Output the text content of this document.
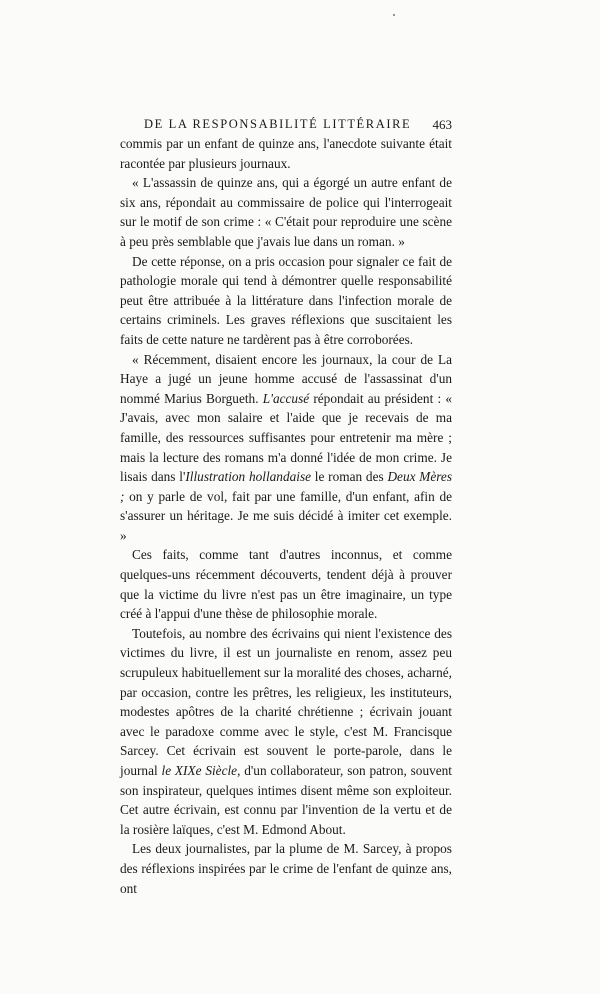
DE LA RESPONSABILITÉ LITTÉRAIRE 463

commis par un enfant de quinze ans, l'anecdote suivante était racontée par plusieurs journaux.

« L'assassin de quinze ans, qui a égorgé un autre enfant de six ans, répondait au commissaire de police qui l'interrogeait sur le motif de son crime : « C'était pour reproduire une scène à peu près semblable que j'avais lue dans un roman. »

De cette réponse, on a pris occasion pour signaler ce fait de pathologie morale qui tend à démontrer quelle responsabilité peut être attribuée à la littérature dans l'infection morale de certains criminels. Les graves réflexions que suscitaient les faits de cette nature ne tardèrent pas à être corroborées.

« Récemment, disaient encore les journaux, la cour de La Haye a jugé un jeune homme accusé de l'assassinat d'un nommé Marius Borgueth. L'accusé répondait au président : « J'avais, avec mon salaire et l'aide que je recevais de ma famille, des ressources suffisantes pour entretenir ma mère ; mais la lecture des romans m'a donné l'idée de mon crime. Je lisais dans l'Illustration hollandaise le roman des Deux Mères ; on y parle de vol, fait par une famille, d'un enfant, afin de s'assurer un héritage. Je me suis décidé à imiter cet exemple. »

Ces faits, comme tant d'autres inconnus, et comme quelques-uns récemment découverts, tendent déjà à prouver que la victime du livre n'est pas un être imaginaire, un type créé à l'appui d'une thèse de philosophie morale.

Toutefois, au nombre des écrivains qui nient l'existence des victimes du livre, il est un journaliste en renom, assez peu scrupuleux habituellement sur la moralité des choses, acharné, par occasion, contre les prêtres, les religieux, les instituteurs, modestes apôtres de la charité chrétienne ; écrivain jouant avec le paradoxe comme avec le style, c'est M. Francisque Sarcey. Cet écrivain est souvent le porte-parole, dans le journal le XIXe Siècle, d'un collaborateur, son patron, souvent son inspirateur, quelques intimes disent même son exploiteur. Cet autre écrivain, est connu par l'invention de la vertu et de la rosière laïques, c'est M. Edmond About.

Les deux journalistes, par la plume de M. Sarcey, à propos des réflexions inspirées par le crime de l'enfant de quinze ans, ont
